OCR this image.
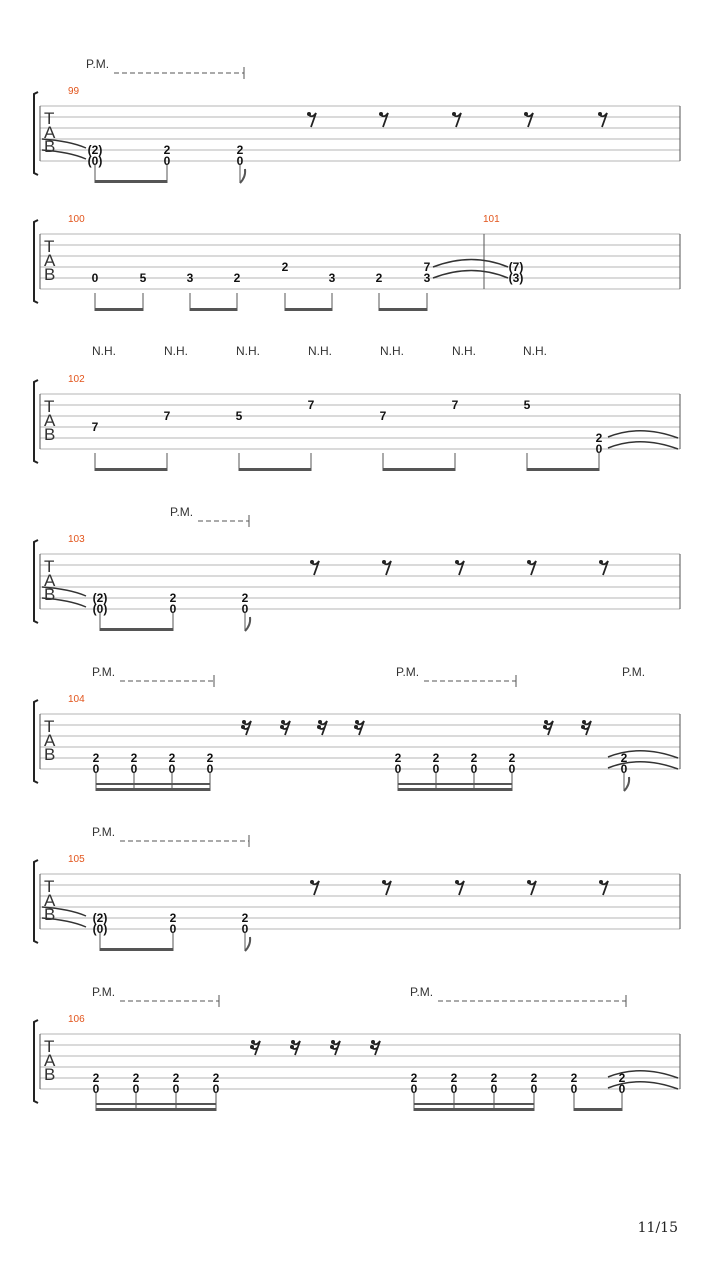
T
A
B
99
P.M.
(2)
(0)
2
0
2
0
T
A
B
100	101
0	5	3	2
2
3	2
7
3
(7)
(3)
T
A
B
102
N.H.	N.H.	N.H.	N.H.	N.H.	N.H.	N.H.
7
7	5
7
7
7	5
2
0
T
A
B
103
P.M.
(2)
(0)
2
0
2
0
T
A
B
104
P.M.	P.M.	P.M.
2
0
2
0
2
0
2
0
2
0
2
0
2
0
2
0
2
0
T
A
B
105
P.M.
(2)
(0)
2
0
2
0
T
A
B
106
P.M.	P.M.
2
0
2
0
2
0
2
0
2
0
2
0
2
0
2
0
2
0
2
0
11/15
